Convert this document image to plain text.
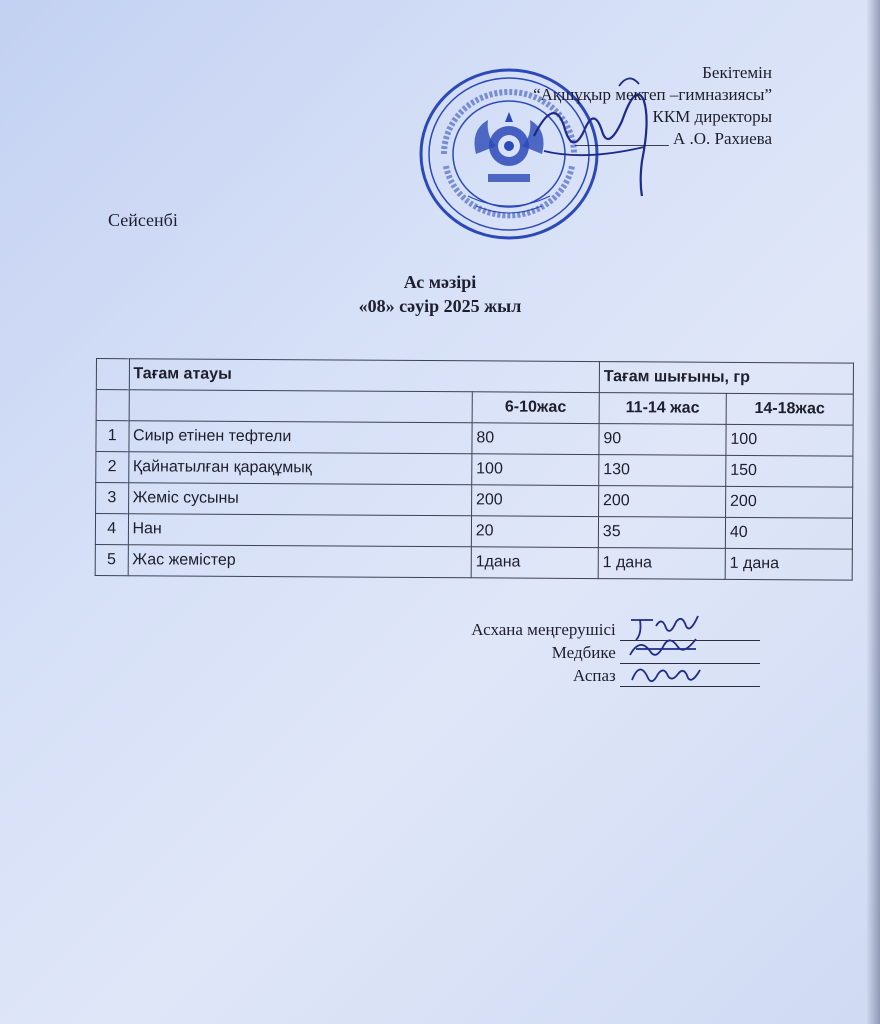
Бекітемін
“Ақшұқыр мектеп –гимназиясы”
ККМ директоры
___________ А .О. Рахиева
Сейсенбі
Ас мәзірі
«08» сәуір 2025 жыл
	Тағам атауы		Тағам шығыны, гр	
		6-10жас	11-14 жас	14-18жас
1	Сиыр етінен тефтели	80	90	100
2	Қайнатылған қарақұмық	100	130	150
3	Жеміс сусыны	200	200	200
4	Нан	20	35	40
5	Жас жемістер	1дана	1 дана	1 дана
Асхана меңгерушісі
Медбике
Аспаз
